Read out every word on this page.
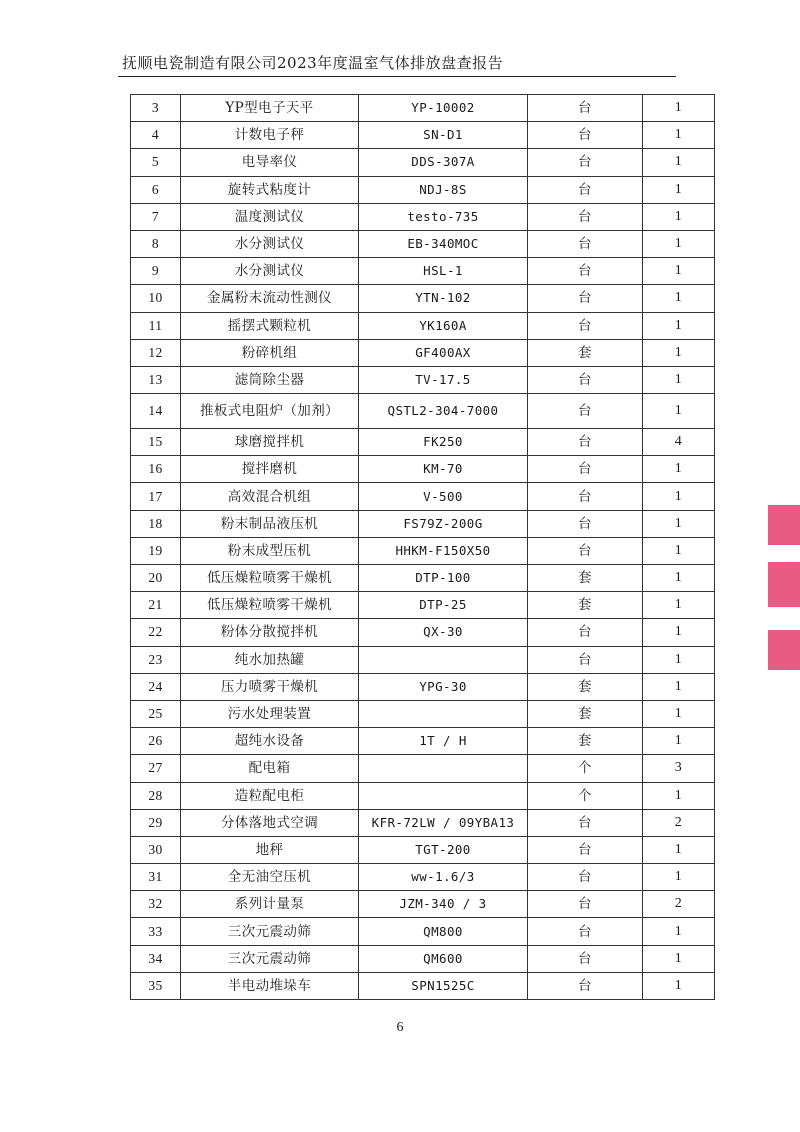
抚顺电瓷制造有限公司2023年度温室气体排放盘查报告
3	YP型电子天平	YP-10002	台	1
4	计数电子秤	SN-D1	台	1
5	电导率仪	DDS-307A	台	1
6	旋转式粘度计	NDJ-8S	台	1
7	温度测试仪	testo-735	台	1
8	水分测试仪	EB-340MOC	台	1
9	水分测试仪	HSL-1	台	1
10	金属粉末流动性测仪	YTN-102	台	1
11	摇摆式颗粒机	YK160A	台	1
12	粉碎机组	GF400AX	套	1
13	滤筒除尘器	TV-17.5	台	1
14	推板式电阻炉（加剂）	QSTL2-304-7000	台	1
15	球磨搅拌机	FK250	台	4
16	搅拌磨机	KM-70	台	1
17	高效混合机组	V-500	台	1
18	粉末制品液压机	FS79Z-200G	台	1
19	粉末成型压机	HHKM-F150X50	台	1
20	低压燥粒喷雾干燥机	DTP-100	套	1
21	低压燥粒喷雾干燥机	DTP-25	套	1
22	粉体分散搅拌机	QX-30	台	1
23	纯水加热罐		台	1
24	压力喷雾干燥机	YPG-30	套	1
25	污水处理装置		套	1
26	超纯水设备	1T / H	套	1
27	配电箱		个	3
28	造粒配电柜		个	1
29	分体落地式空调	KFR-72LW / 09YBA13	台	2
30	地秤	TGT-200	台	1
31	全无油空压机	ww-1.6/3	台	1
32	系列计量泵	JZM-340 / 3	台	2
33	三次元震动筛	QM800	台	1
34	三次元震动筛	QM600	台	1
35	半电动堆垛车	SPN1525C	台	1
6
